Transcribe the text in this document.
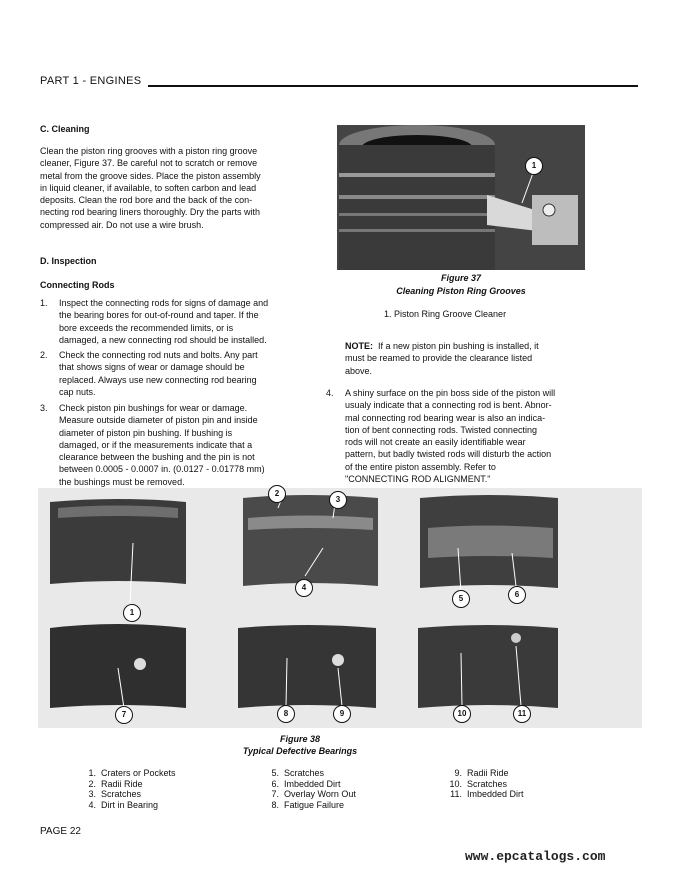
PART 1 - ENGINES
C. Cleaning
Clean the piston ring grooves with a piston ring groove
cleaner, Figure 37. Be careful not to scratch or remove
metal from the groove sides. Place the piston assembly
in liquid cleaner, if available, to soften carbon and lead
deposits. Clean the rod bore and the back of the con-
necting rod bearing liners thoroughly. Dry the parts with
compressed air. Do not use a wire brush.
D. Inspection
Connecting Rods
1. Inspect the connecting rods for signs of damage and
the bearing bores for out-of-round and taper. If the
bore exceeds the recommended limits, or is
damaged, a new connecting rod should be installed.
2. Check the connecting rod nuts and bolts. Any part
that shows signs of wear or damage should be
replaced. Always use new connecting rod bearing
cap nuts.
3. Check piston pin bushings for wear or damage.
Measure outside diameter of piston pin and inside
diameter of piston pin bushing. If bushing is
damaged, or if the measurements indicate that a
clearance between the bushing and the pin is not
between 0.0005 - 0.0007 in. (0.0127 - 0.01778 mm)
the bushings must be removed.
1
Figure 37
Cleaning Piston Ring Grooves
1. Piston Ring Groove Cleaner
NOTE: If a new piston pin bushing is installed, it
must be reamed to provide the clearance listed
above.
4. A shiny surface on the pin boss side of the piston will
usualy indicate that a connecting rod is bent. Abnor-
mal connecting rod bearing wear is also an indica-
tion of bent connecting rods. Twisted connecting
rods will not create an easily identifiable wear
pattern, but badly twisted rods will disturb the action
of the entire piston assembly. Refer to
"CONNECTING ROD ALIGNMENT."
1
2
3
4
5	6
7	8	9	10	11
Figure 38
Typical Defective Bearings
1. Craters or Pockets
2. Radii Ride
3. Scratches
4. Dirt in Bearing
5. Scratches
6. Imbedded Dirt
7. Overlay Worn Out
8. Fatigue Failure
9. Radii Ride
10. Scratches
11. Imbedded Dirt
PAGE 22
www.epcatalogs.com
